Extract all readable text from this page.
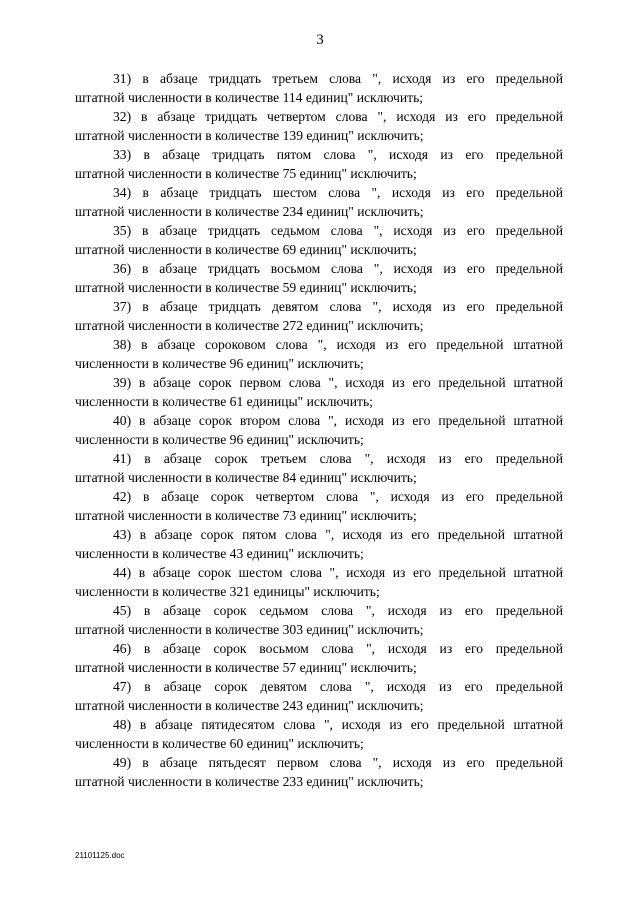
3

31) в абзаце тридцать третьем слова ", исходя из его предельной
штатной численности в количестве 114 единиц" исключить;

32) в абзаце тридцать четвертом слова ", исходя из его предельной
штатной численности в количестве 139 единиц" исключить;

33) в абзаце тридцать пятом слова ", исходя из его предельной
штатной численности в количестве 75 единиц" исключить;

34) в абзаце тридцать шестом слова ", исходя из его предельной
штатной численности в количестве 234 единиц" исключить;

35) в абзаце тридцать седьмом слова ", исходя из его предельной
штатной численности в количестве 69 единиц" исключить;

36) в абзаце тридцать восьмом слова ", исходя из его предельной
штатной численности в количестве 59 единиц" исключить;

37) в абзаце тридцать девятом слова ", исходя из его предельной
штатной численности в количестве 272 единиц" исключить;

38) в абзаце сороковом слова ", исходя из его предельной штатной
численности в количестве 96 единиц" исключить;

39) в абзаце сорок первом слова ", исходя из его предельной штатной
численности в количестве 61 единицы" исключить;

40) в абзаце сорок втором слова ", исходя из его предельной штатной
численности в количестве 96 единиц" исключить;

41) в абзаце сорок третьем слова ", исходя из его предельной
штатной численности в количестве 84 единиц" исключить;

42) в абзаце сорок четвертом слова ", исходя из его предельной
штатной численности в количестве 73 единиц" исключить;

43) в абзаце сорок пятом слова ", исходя из его предельной штатной
численности в количестве 43 единиц" исключить;

44) в абзаце сорок шестом слова ", исходя из его предельной штатной
численности в количестве 321 единицы" исключить;

45) в абзаце сорок седьмом слова ", исходя из его предельной
штатной численности в количестве 303 единиц" исключить;

46) в абзаце сорок восьмом слова ", исходя из его предельной
штатной численности в количестве 57 единиц" исключить;

47) в абзаце сорок девятом слова ", исходя из его предельной
штатной численности в количестве 243 единиц" исключить;

48) в абзаце пятидесятом слова ", исходя из его предельной штатной
численности в количестве 60 единиц" исключить;

49) в абзаце пятьдесят первом слова ", исходя из его предельной
штатной численности в количестве 233 единиц" исключить;

21101125.doc
